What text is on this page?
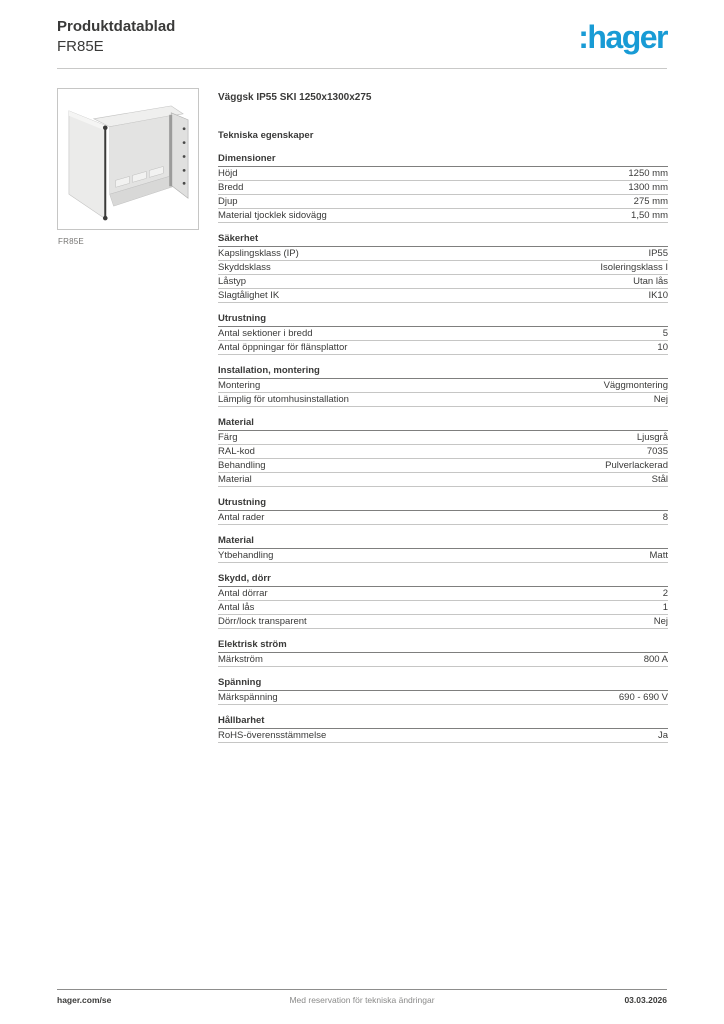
Produktdatablad
FR85E	:hager
FR85E
Väggsk IP55 SKI 1250x1300x275
Tekniska egenskaper
Dimensioner
Höjd	1250 mm
Bredd	1300 mm
Djup	275 mm
Material tjocklek sidovägg	1,50 mm
Säkerhet
Kapslingsklass (IP)	IP55
Skyddsklass	Isoleringsklass I
Låstyp	Utan lås
Slagtålighet IK	IK10
Utrustning
Antal sektioner i bredd	5
Antal öppningar för flänsplattor	10
Installation, montering
Montering	Väggmontering
Lämplig för utomhusinstallation	Nej
Material
Färg	Ljusgrå
RAL-kod	7035
Behandling	Pulverlackerad
Material	Stål
Utrustning
Antal rader	8
Material
Ytbehandling	Matt
Skydd, dörr
Antal dörrar	2
Antal lås	1
Dörr/lock transparent	Nej
Elektrisk ström
Märkström	800 A
Spänning
Märkspänning	690 - 690 V
Hållbarhet
RoHS-överensstämmelse	Ja
hager.com/se	Med reservation för tekniska ändringar	03.03.2026
